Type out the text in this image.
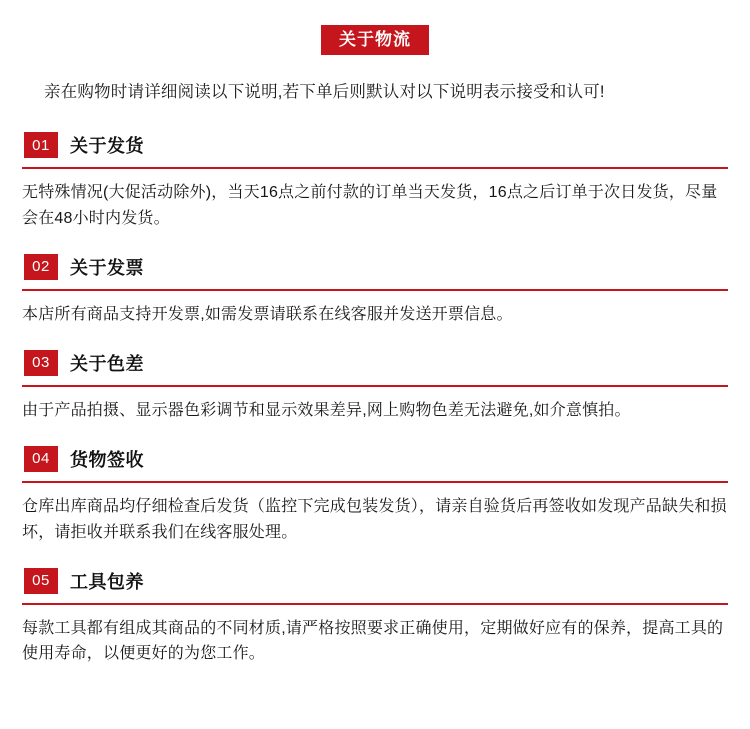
关于物流
亲在购物时请详细阅读以下说明,若下单后则默认对以下说明表示接受和认可!
01	关于发货
无特殊情况(大促活动除外)，当天16点之前付款的订单当天发货，16点之后订单于次日发货，尽量会在48小时内发货。
02	关于发票
本店所有商品支持开发票,如需发票请联系在线客服并发送开票信息。
03	关于色差
由于产品拍摄、显示器色彩调节和显示效果差异,网上购物色差无法避免,如介意慎拍。
04	货物签收
仓库出库商品均仔细检查后发货（监控下完成包装发货），请亲自验货后再签收如发现产品缺失和损坏，请拒收并联系我们在线客服处理。
05	工具包养
每款工具都有组成其商品的不同材质,请严格按照要求正确使用，定期做好应有的保养，提高工具的使用寿命，以便更好的为您工作。
